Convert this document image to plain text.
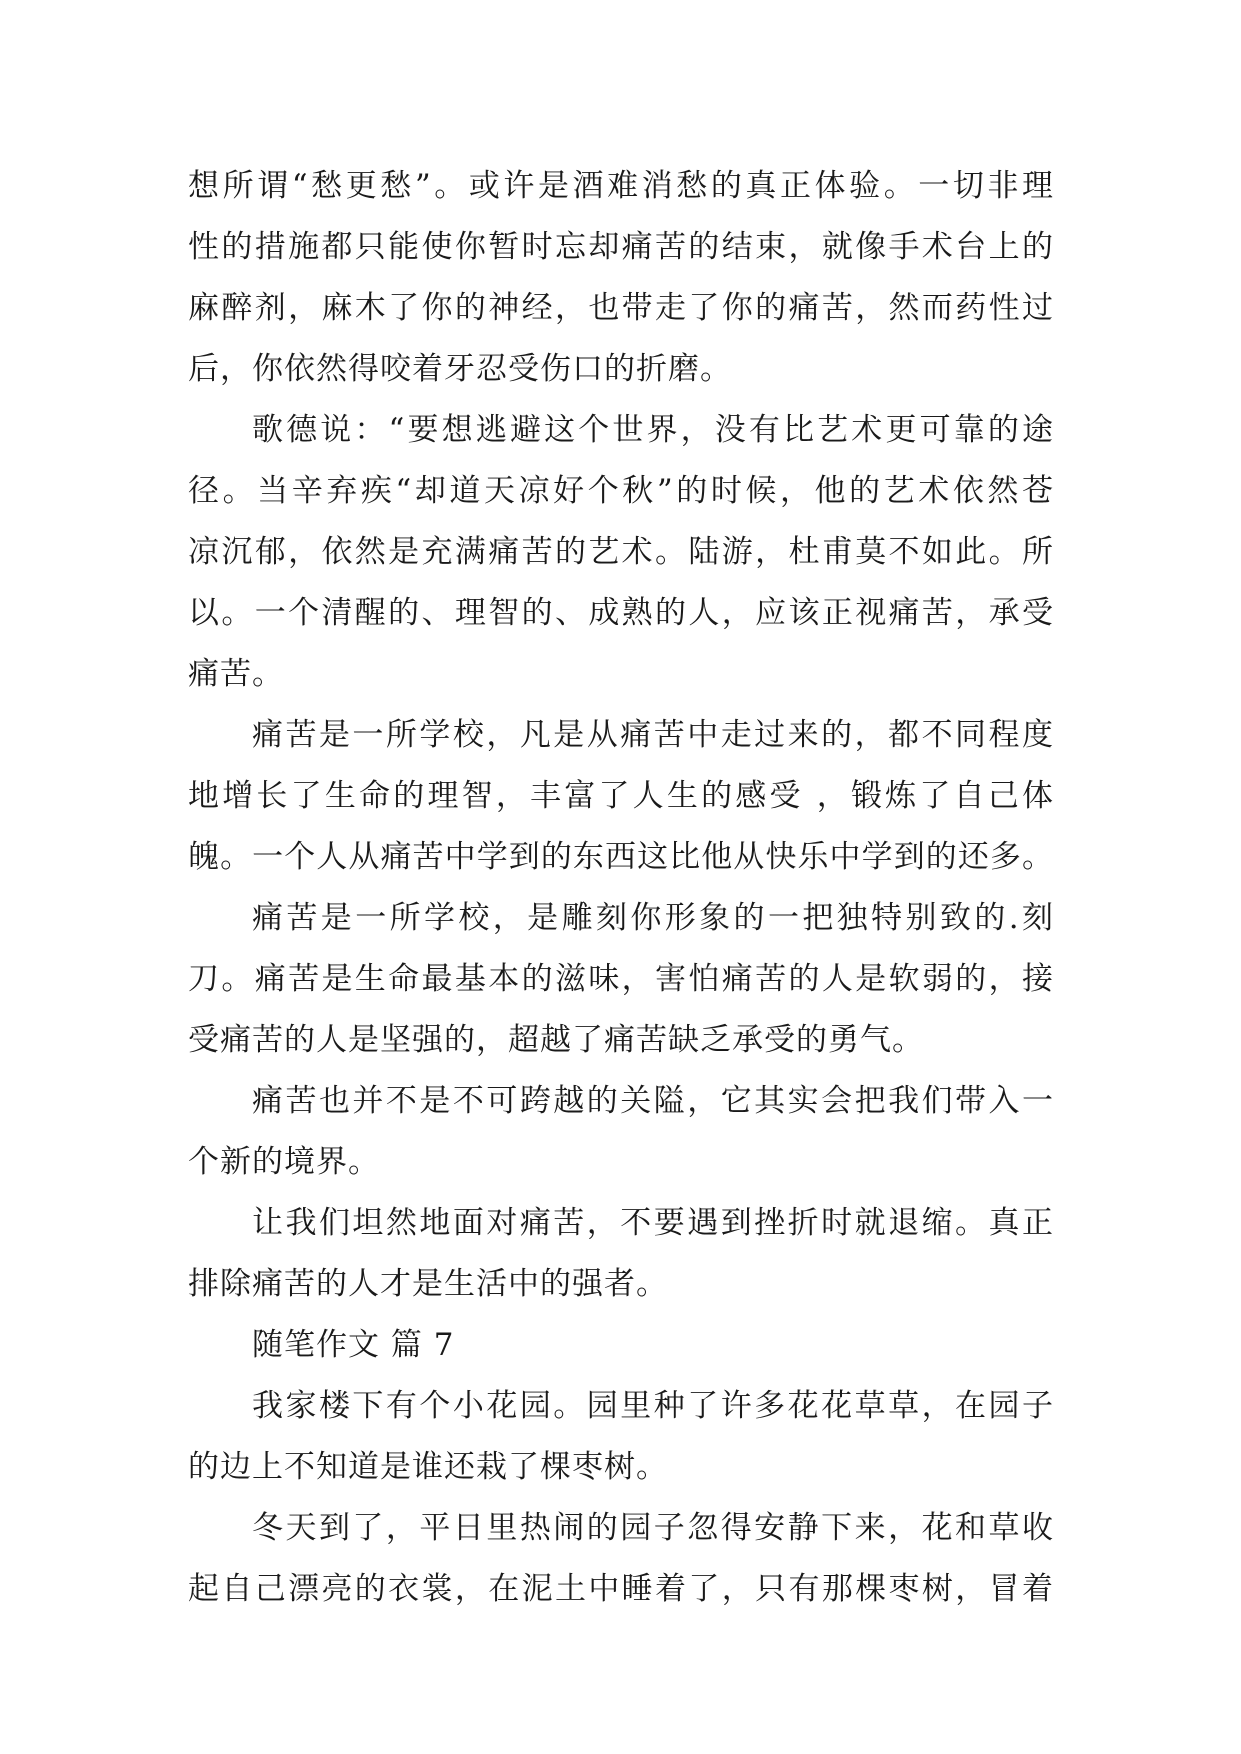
想所谓“愁更愁”。或许是酒难消愁的真正体验。一切非理
性的措施都只能使你暂时忘却痛苦的结束，就像手术台上的
麻醉剂，麻木了你的神经，也带走了你的痛苦，然而药性过
后，你依然得咬着牙忍受伤口的折磨。
歌德说：“要想逃避这个世界，没有比艺术更可靠的途
径。当辛弃疾“却道天凉好个秋”的时候，他的艺术依然苍
凉沉郁，依然是充满痛苦的艺术。陆游，杜甫莫不如此。所
以。一个清醒的、理智的、成熟的人，应该正视痛苦，承受
痛苦。
痛苦是一所学校，凡是从痛苦中走过来的，都不同程度
地增长了生命的理智，丰富了人生的感受 ，锻炼了自己体
魄。一个人从痛苦中学到的东西这比他从快乐中学到的还多。
痛苦是一所学校，是雕刻你形象的一把独特别致的.刻
刀。痛苦是生命最基本的滋味，害怕痛苦的人是软弱的，接
受痛苦的人是坚强的，超越了痛苦缺乏承受的勇气。
痛苦也并不是不可跨越的关隘，它其实会把我们带入一
个新的境界。
让我们坦然地面对痛苦，不要遇到挫折时就退缩。真正
排除痛苦的人才是生活中的强者。
随笔作文 篇 7
我家楼下有个小花园。园里种了许多花花草草，在园子
的边上不知道是谁还栽了棵枣树。
冬天到了，平日里热闹的园子忽得安静下来，花和草收
起自己漂亮的衣裳，在泥土中睡着了，只有那棵枣树，冒着
